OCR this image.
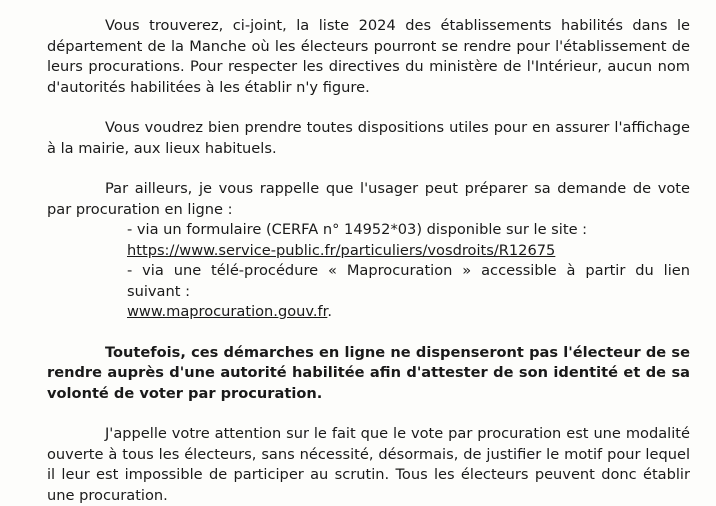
Vous trouverez, ci-joint, la liste 2024 des établissements habilités dans le département de la Manche où les électeurs pourront se rendre pour l'établissement de leurs procurations. Pour respecter les directives du ministère de l'Intérieur, aucun nom d'autorités habilitées à les établir n'y figure.

Vous voudrez bien prendre toutes dispositions utiles pour en assurer l'affichage à la mairie, aux lieux habituels.

Par ailleurs, je vous rappelle que l'usager peut préparer sa demande de vote par procuration en ligne :

- via un formulaire (CERFA n° 14952*03) disponible sur le site :
https://www.service-public.fr/particuliers/vosdroits/R12675

- via une télé-procédure « Maprocuration » accessible à partir du lien suivant :
www.maprocuration.gouv.fr.

Toutefois, ces démarches en ligne ne dispenseront pas l'électeur de se rendre auprès d'une autorité habilitée afin d'attester de son identité et de sa volonté de voter par procuration.

J'appelle votre attention sur le fait que le vote par procuration est une modalité ouverte à tous les électeurs, sans nécessité, désormais, de justifier le motif pour lequel il leur est impossible de participer au scrutin. Tous les électeurs peuvent donc établir une procuration.
